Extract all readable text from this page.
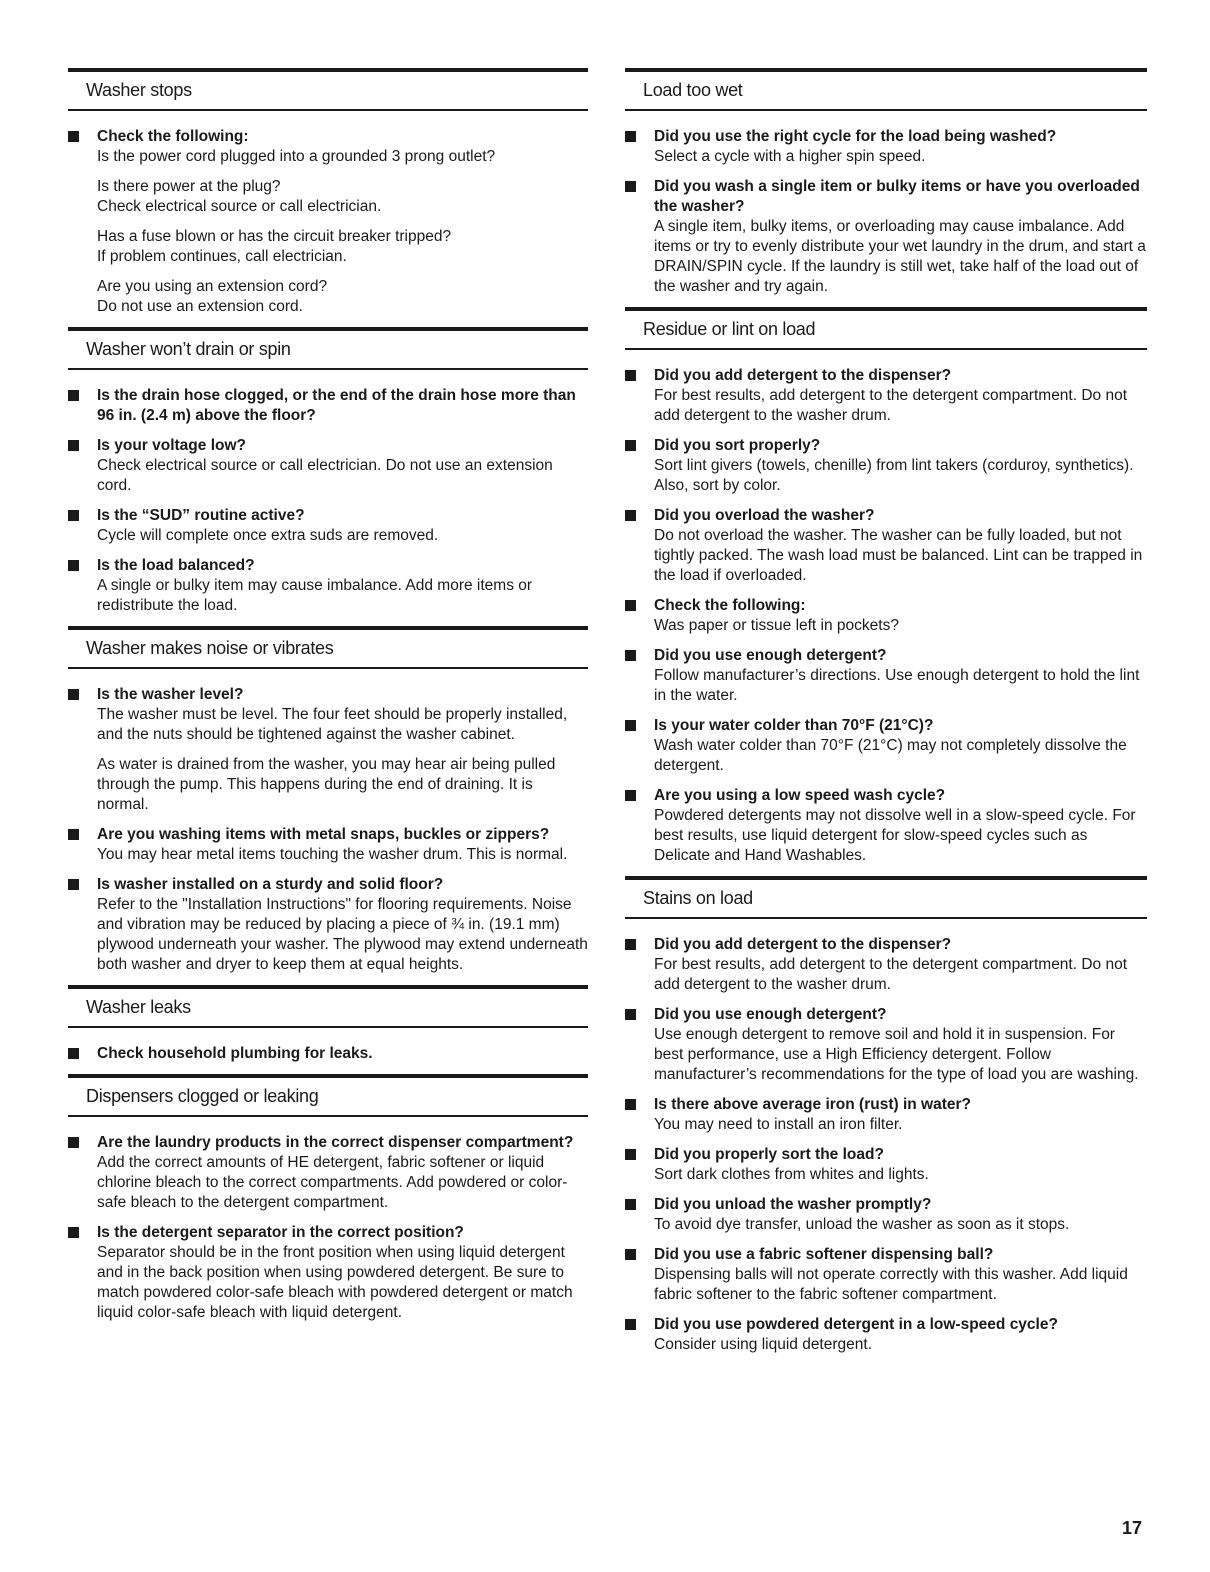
Washer stops
Check the following:
Is the power cord plugged into a grounded 3 prong outlet?
Is there power at the plug?
Check electrical source or call electrician.
Has a fuse blown or has the circuit breaker tripped?
If problem continues, call electrician.
Are you using an extension cord?
Do not use an extension cord.
Washer won’t drain or spin
Is the drain hose clogged, or the end of the drain hose more than 96 in. (2.4 m) above the floor?
Is your voltage low?
Check electrical source or call electrician. Do not use an extension cord.
Is the “SUD” routine active?
Cycle will complete once extra suds are removed.
Is the load balanced?
A single or bulky item may cause imbalance. Add more items or redistribute the load.
Washer makes noise or vibrates
Is the washer level?
The washer must be level. The four feet should be properly installed, and the nuts should be tightened against the washer cabinet.
As water is drained from the washer, you may hear air being pulled through the pump. This happens during the end of draining. It is normal.
Are you washing items with metal snaps, buckles or zippers?
You may hear metal items touching the washer drum. This is normal.
Is washer installed on a sturdy and solid floor?
Refer to the "Installation Instructions" for flooring requirements. Noise and vibration may be reduced by placing a piece of ¾ in. (19.1 mm) plywood underneath your washer. The plywood may extend underneath both washer and dryer to keep them at equal heights.
Washer leaks
Check household plumbing for leaks.
Dispensers clogged or leaking
Are the laundry products in the correct dispenser compartment?
Add the correct amounts of HE detergent, fabric softener or liquid chlorine bleach to the correct compartments. Add powdered or color-safe bleach to the detergent compartment.
Is the detergent separator in the correct position?
Separator should be in the front position when using liquid detergent and in the back position when using powdered detergent. Be sure to match powdered color-safe bleach with powdered detergent or match liquid color-safe bleach with liquid detergent.
Load too wet
Did you use the right cycle for the load being washed?
Select a cycle with a higher spin speed.
Did you wash a single item or bulky items or have you overloaded the washer?
A single item, bulky items, or overloading may cause imbalance. Add items or try to evenly distribute your wet laundry in the drum, and start a DRAIN/SPIN cycle. If the laundry is still wet, take half of the load out of the washer and try again.
Residue or lint on load
Did you add detergent to the dispenser?
For best results, add detergent to the detergent compartment. Do not add detergent to the washer drum.
Did you sort properly?
Sort lint givers (towels, chenille) from lint takers (corduroy, synthetics). Also, sort by color.
Did you overload the washer?
Do not overload the washer. The washer can be fully loaded, but not tightly packed. The wash load must be balanced. Lint can be trapped in the load if overloaded.
Check the following:
Was paper or tissue left in pockets?
Did you use enough detergent?
Follow manufacturer’s directions. Use enough detergent to hold the lint in the water.
Is your water colder than 70°F (21°C)?
Wash water colder than 70°F (21°C) may not completely dissolve the detergent.
Are you using a low speed wash cycle?
Powdered detergents may not dissolve well in a slow-speed cycle. For best results, use liquid detergent for slow-speed cycles such as Delicate and Hand Washables.
Stains on load
Did you add detergent to the dispenser?
For best results, add detergent to the detergent compartment. Do not add detergent to the washer drum.
Did you use enough detergent?
Use enough detergent to remove soil and hold it in suspension. For best performance, use a High Efficiency detergent. Follow manufacturer’s recommendations for the type of load you are washing.
Is there above average iron (rust) in water?
You may need to install an iron filter.
Did you properly sort the load?
Sort dark clothes from whites and lights.
Did you unload the washer promptly?
To avoid dye transfer, unload the washer as soon as it stops.
Did you use a fabric softener dispensing ball?
Dispensing balls will not operate correctly with this washer. Add liquid fabric softener to the fabric softener compartment.
Did you use powdered detergent in a low-speed cycle?
Consider using liquid detergent.
17
